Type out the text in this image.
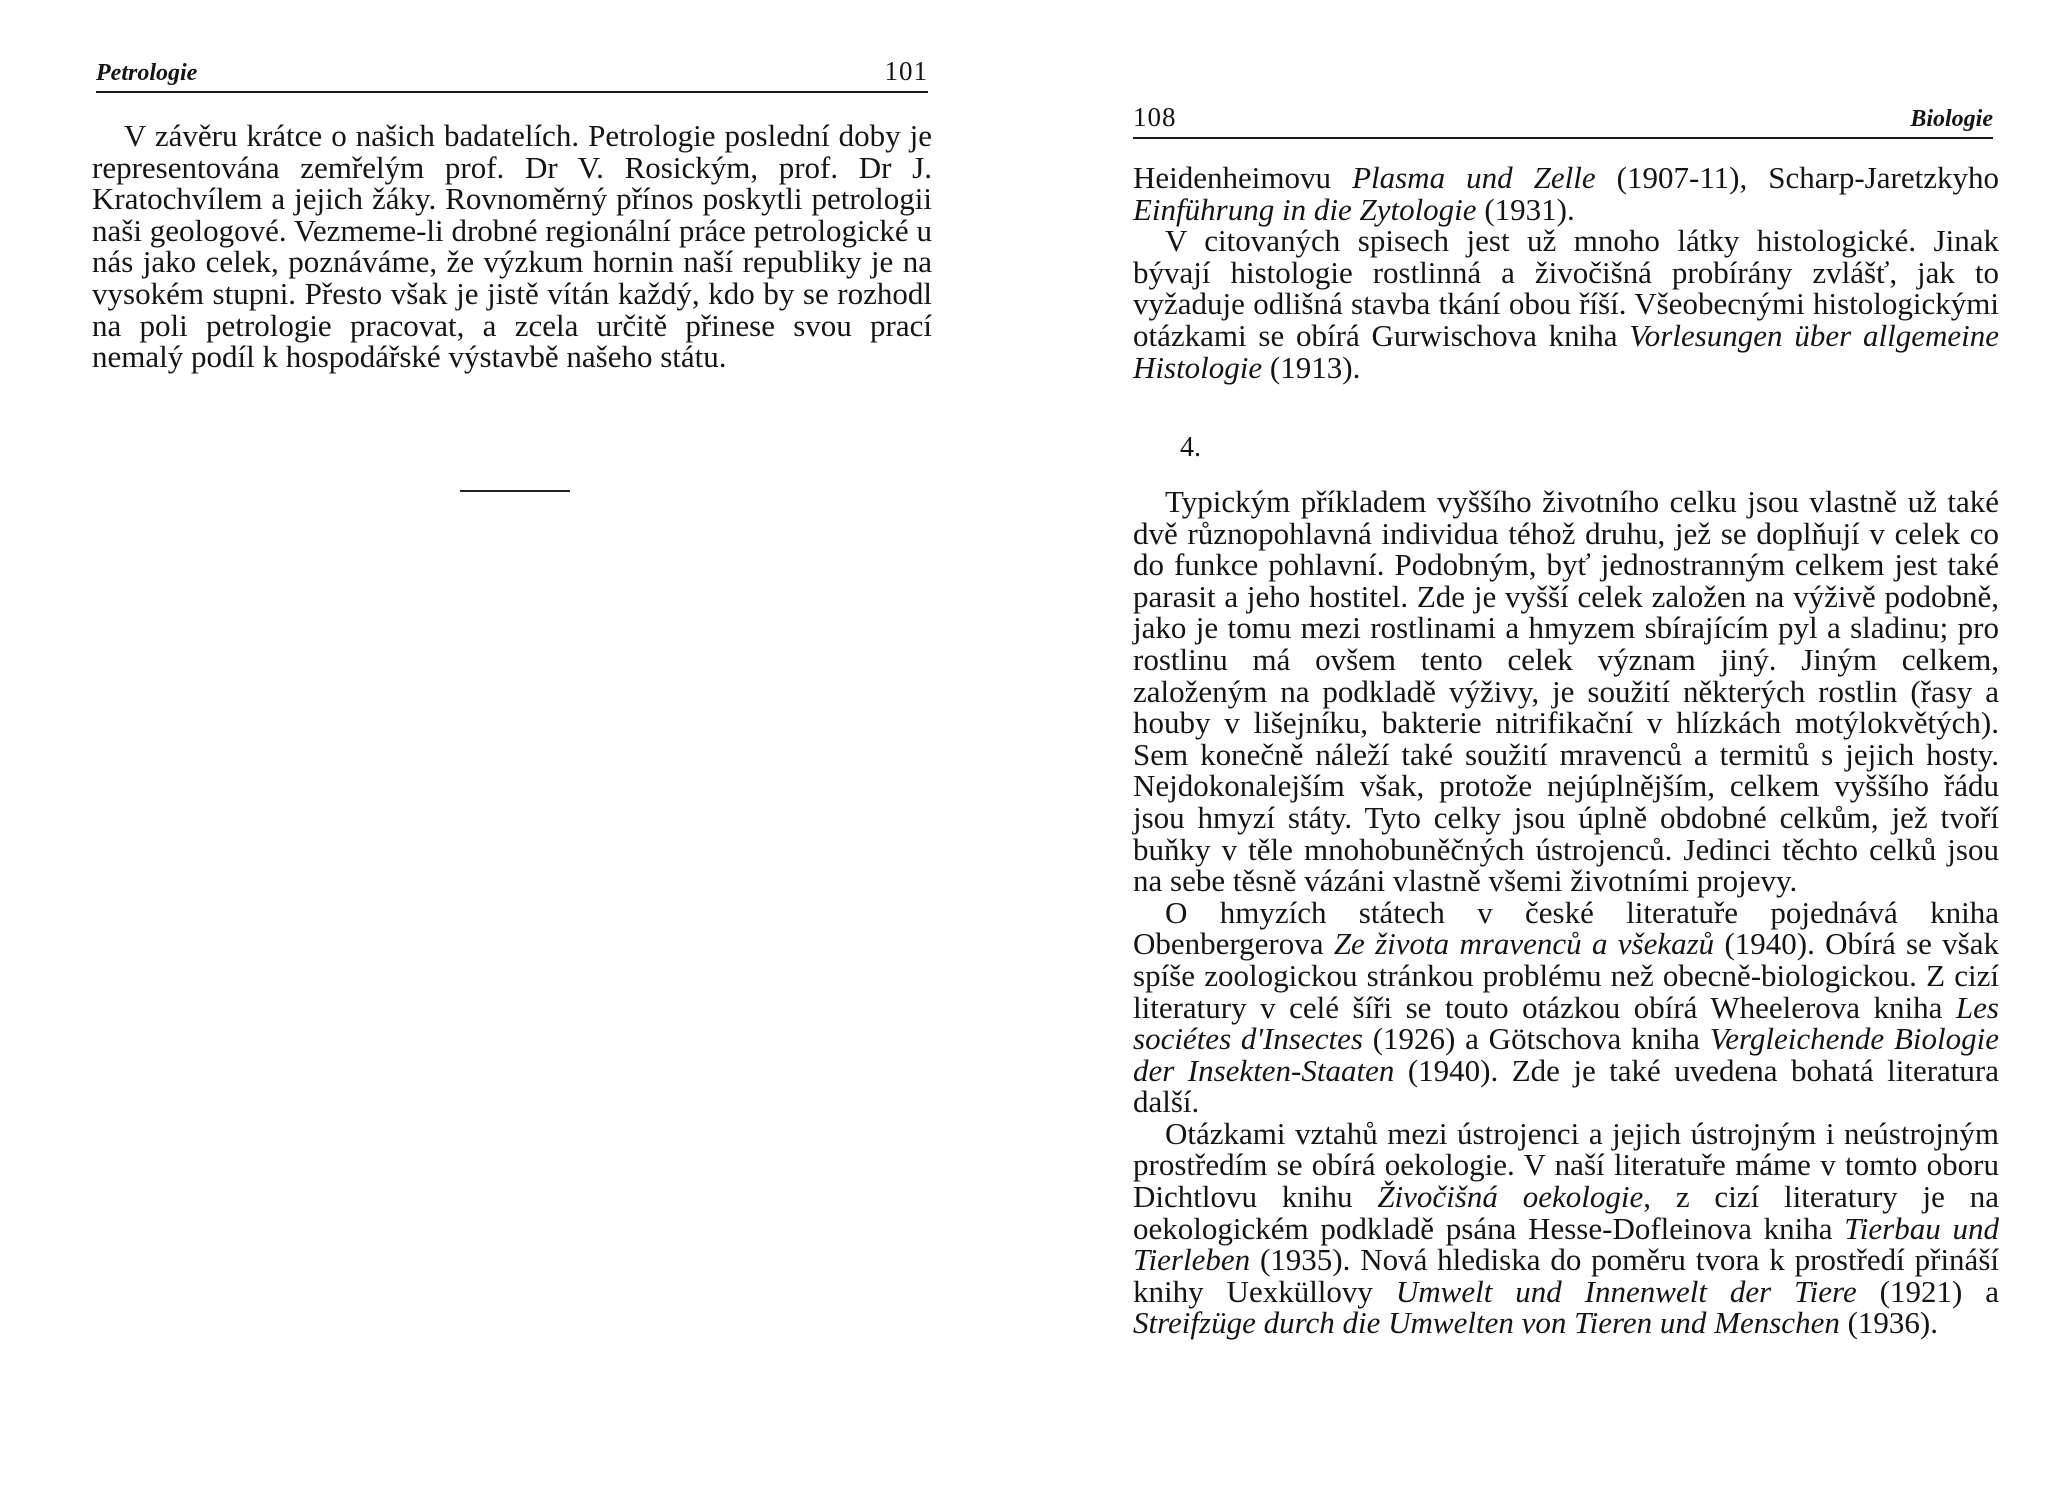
Petrologie	101

V závěru krátce o našich badatelích. Petrologie poslední doby je representována zemřelým prof. Dr V. Rosickým, prof. Dr J. Kratochvílem a jejich žáky. Rovnoměrný přínos poskytli petrologii naši geologové. Vezmeme-li drobné regionální práce petrologické u nás jako celek, poznáváme, že výzkum hornin naší republiky je na vysokém stupni. Přesto však je jistě vítán každý, kdo by se rozhodl na poli petrologie pracovat, a zcela určitě přinese svou prací nemalý podíl k hospodářské výstavbě našeho státu.

108	Biologie

Heidenheimovu Plasma und Zelle (1907-11), Scharp-Jaretzkyho Einführung in die Zytologie (1931).

V citovaných spisech jest už mnoho látky histologické. Jinak bývají histologie rostlinná a živočišná probírány zvlášť, jak to vyžaduje odlišná stavba tkání obou říší. Všeobecnými histologickými otázkami se obírá Gurwischova kniha Vorlesungen über allgemeine Histologie (1913).

4.

Typickým příkladem vyššího životního celku jsou vlastně už také dvě různopohlavná individua téhož druhu, jež se doplňují v celek co do funkce pohlavní. Podobným, byť jednostranným celkem jest také parasit a jeho hostitel. Zde je vyšší celek založen na výživě podobně, jako je tomu mezi rostlinami a hmyzem sbírajícím pyl a sladinu; pro rostlinu má ovšem tento celek význam jiný. Jiným celkem, založeným na podkladě výživy, je soužití některých rostlin (řasy a houby v lišejníku, bakterie nitrifikační v hlízkách motýlokvětých). Sem konečně náleží také soužití mravenců a termitů s jejich hosty. Nejdokonalejším však, protože nejúplnějším, celkem vyššího řádu jsou hmyzí státy. Tyto celky jsou úplně obdobné celkům, jež tvoří buňky v těle mnohobuněčných ústrojenců. Jedinci těchto celků jsou na sebe těsně vázáni vlastně všemi životními projevy.

O hmyzích státech v české literatuře pojednává kniha Obenbergerova Ze života mravenců a všekazů (1940). Obírá se však spíše zoologickou stránkou problému než obecně-biologickou. Z cizí literatury v celé šíři se touto otázkou obírá Wheelerova kniha Les sociétes d'Insectes (1926) a Götschova kniha Vergleichende Biologie der Insekten-Staaten (1940). Zde je také uvedena bohatá literatura další.

Otázkami vztahů mezi ústrojenci a jejich ústrojným i neústrojným prostředím se obírá oekologie. V naší literatuře máme v tomto oboru Dichtlovu knihu Živočišná oekologie, z cizí literatury je na oekologickém podkladě psána Hesse-Dofleinova kniha Tierbau und Tierleben (1935). Nová hlediska do poměru tvora k prostředí přináší knihy Uexküllovy Umwelt und Innenwelt der Tiere (1921) a Streifzüge durch die Umwelten von Tieren und Menschen (1936).
